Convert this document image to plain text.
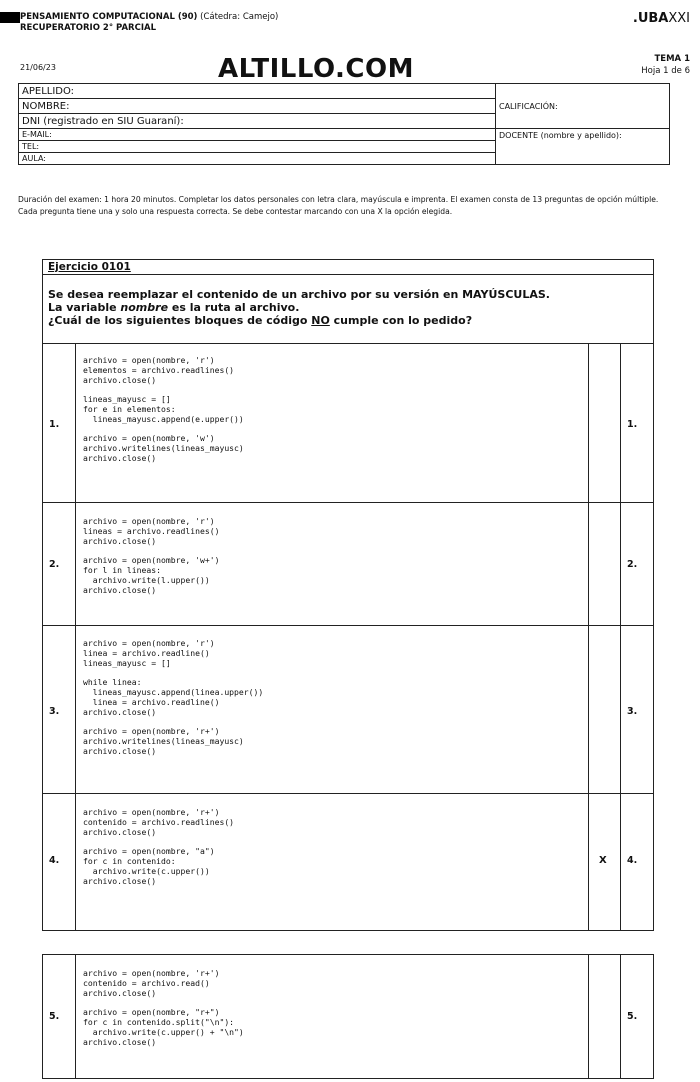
PENSAMIENTO COMPUTACIONAL (90) (Cátedra: Camejo)
RECUPERATORIO 2° PARCIAL
.UBAXXI
21/06/23	ALTILLO.COM	TEMA 1
Hoja 1 de 6
APELLIDO:	CALIFICACIÓN:
NOMBRE:	
DNI (registrado en SIU Guaraní):	
E-MAIL:	DOCENTE (nombre y apellido):
TEL:	
AULA:	
Duración del examen: 1 hora 20 minutos. Completar los datos personales con letra clara, mayúscula e imprenta. El examen consta de 13 preguntas de opción múltiple. Cada pregunta tiene una y solo una respuesta correcta. Se debe contestar marcando con una X la opción elegida.
Ejercicio 0101
Se desea reemplazar el contenido de un archivo por su versión en MAYÚSCULAS.
La variable nombre es la ruta al archivo.
¿Cuál de los siguientes bloques de código NO cumple con lo pedido?
1.
archivo = open(nombre, 'r')
elementos = archivo.readlines()
archivo.close()

lineas_mayusc = []
for e in elementos:
lineas_mayusc.append(e.upper())

archivo = open(nombre, 'w')
archivo.writelines(lineas_mayusc)
archivo.close()
1.
2.
archivo = open(nombre, 'r')
lineas = archivo.readlines()
archivo.close()

archivo = open(nombre, 'w+')
for l in lineas:
archivo.write(l.upper())
archivo.close()
2.
3.
archivo = open(nombre, 'r')
linea = archivo.readline()
lineas_mayusc = []

while linea:
lineas_mayusc.append(linea.upper())
linea = archivo.readline()
archivo.close()

archivo = open(nombre, 'r+')
archivo.writelines(lineas_mayusc)
archivo.close()
3.
4.
archivo = open(nombre, 'r+')
contenido = archivo.readlines()
archivo.close()

archivo = open(nombre, "a")
for c in contenido:
archivo.write(c.upper())
archivo.close()
X 4.
5.
archivo = open(nombre, 'r+')
contenido = archivo.read()
archivo.close()

archivo = open(nombre, "r+")
for c in contenido.split("\n"):
archivo.write(c.upper() + "\n")
archivo.close()
5.
